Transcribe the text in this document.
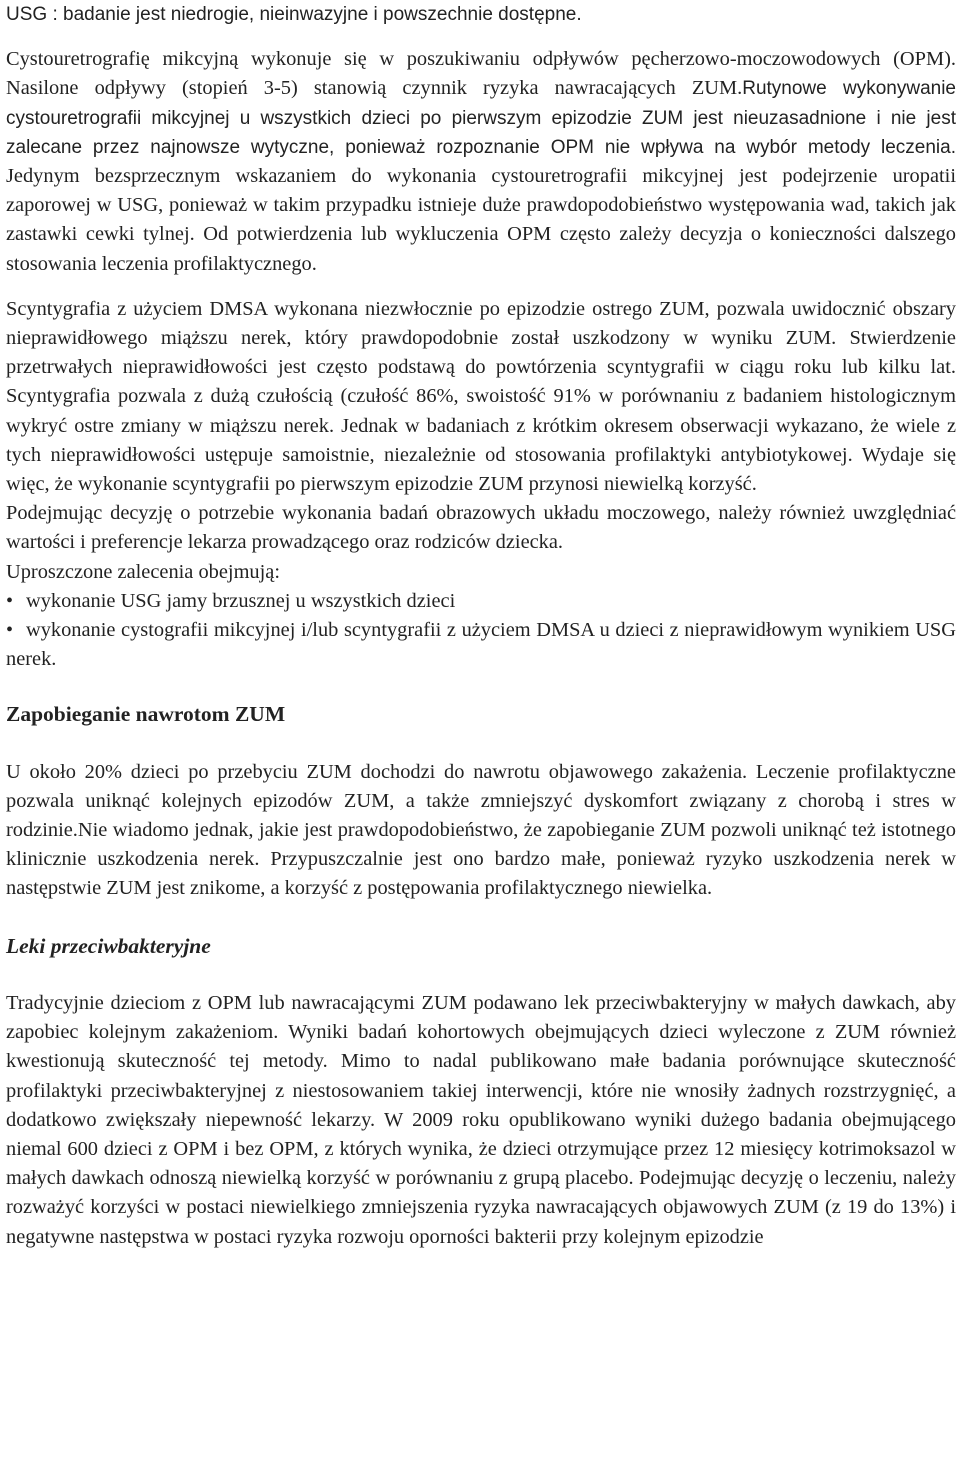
USG : badanie jest niedrogie, nieinwazyjne i powszechnie dostępne.

Cystouretrografię mikcyjną wykonuje się w poszukiwaniu odpływów pęcherzowo-moczowodowych (OPM). Nasilone odpływy (stopień 3-5) stanowią czynnik ryzyka nawracających ZUM.Rutynowe wykonywanie cystouretrografii mikcyjnej u wszystkich dzieci po pierwszym epizodzie ZUM jest nieuzasadnione i nie jest zalecane przez najnowsze wytyczne, ponieważ rozpoznanie OPM nie wpływa na wybór metody leczenia. Jedynym bezsprzecznym wskazaniem do wykonania cystouretrografii mikcyjnej jest podejrzenie uropatii zaporowej w USG, ponieważ w takim przypadku istnieje duże prawdopodobieństwo występowania wad, takich jak zastawki cewki tylnej. Od potwierdzenia lub wykluczenia OPM często zależy decyzja o konieczności dalszego stosowania leczenia profilaktycznego.

Scyntygrafia z użyciem DMSA wykonana niezwłocznie po epizodzie ostrego ZUM, pozwala uwidocznić obszary nieprawidłowego miąższu nerek, który prawdopodobnie został uszkodzony w wyniku ZUM. Stwierdzenie przetrwałych nieprawidłowości jest często podstawą do powtórzenia scyntygrafii w ciągu roku lub kilku lat. Scyntygrafia pozwala z dużą czułością (czułość 86%, swoistość 91% w porównaniu z badaniem histologicznym wykryć ostre zmiany w miąższu nerek. Jednak w badaniach z krótkim okresem obserwacji wykazano, że wiele z tych nieprawidłowości ustępuje samoistnie, niezależnie od stosowania profilaktyki antybiotykowej. Wydaje się więc, że wykonanie scyntygrafii po pierwszym epizodzie ZUM przynosi niewielką korzyść.

Podejmując decyzję o potrzebie wykonania badań obrazowych układu moczowego, należy również uwzględniać wartości i preferencje lekarza prowadzącego oraz rodziców dziecka.

Uproszczone zalecenia obejmują:

• wykonanie USG jamy brzusznej u wszystkich dzieci
• wykonanie cystografii mikcyjnej i/lub scyntygrafii z użyciem DMSA u dzieci z nieprawidłowym wynikiem USG nerek.
Zapobieganie nawrotom ZUM

U około 20% dzieci po przebyciu ZUM dochodzi do nawrotu objawowego zakażenia. Leczenie profilaktyczne pozwala uniknąć kolejnych epizodów ZUM, a także zmniejszyć dyskomfort związany z chorobą i stres w rodzinie.Nie wiadomo jednak, jakie jest prawdopodobieństwo, że zapobieganie ZUM pozwoli uniknąć też istotnego klinicznie uszkodzenia nerek. Przypuszczalnie jest ono bardzo małe, ponieważ ryzyko uszkodzenia nerek w następstwie ZUM jest znikome, a korzyść z postępowania profilaktycznego niewielka.

Leki przeciwbakteryjne

Tradycyjnie dzieciom z OPM lub nawracającymi ZUM podawano lek przeciwbakteryjny w małych dawkach, aby zapobiec kolejnym zakażeniom. Wyniki badań kohortowych obejmujących dzieci wyleczone z ZUM również kwestionują skuteczność tej metody. Mimo to nadal publikowano małe badania porównujące skuteczność profilaktyki przeciwbakteryjnej z niestosowaniem takiej interwencji, które nie wnosiły żadnych rozstrzygnięć, a dodatkowo zwiększały niepewność lekarzy. W 2009 roku opublikowano wyniki dużego badania obejmującego niemal 600 dzieci z OPM i bez OPM, z których wynika, że dzieci otrzymujące przez 12 miesięcy kotrimoksazol w małych dawkach odnoszą niewielką korzyść w porównaniu z grupą placebo. Podejmując decyzję o leczeniu, należy rozważyć korzyści w postaci niewielkiego zmniejszenia ryzyka nawracających objawowych ZUM (z 19 do 13%) i negatywne następstwa w postaci ryzyka rozwoju oporności bakterii przy kolejnym epizodzie
